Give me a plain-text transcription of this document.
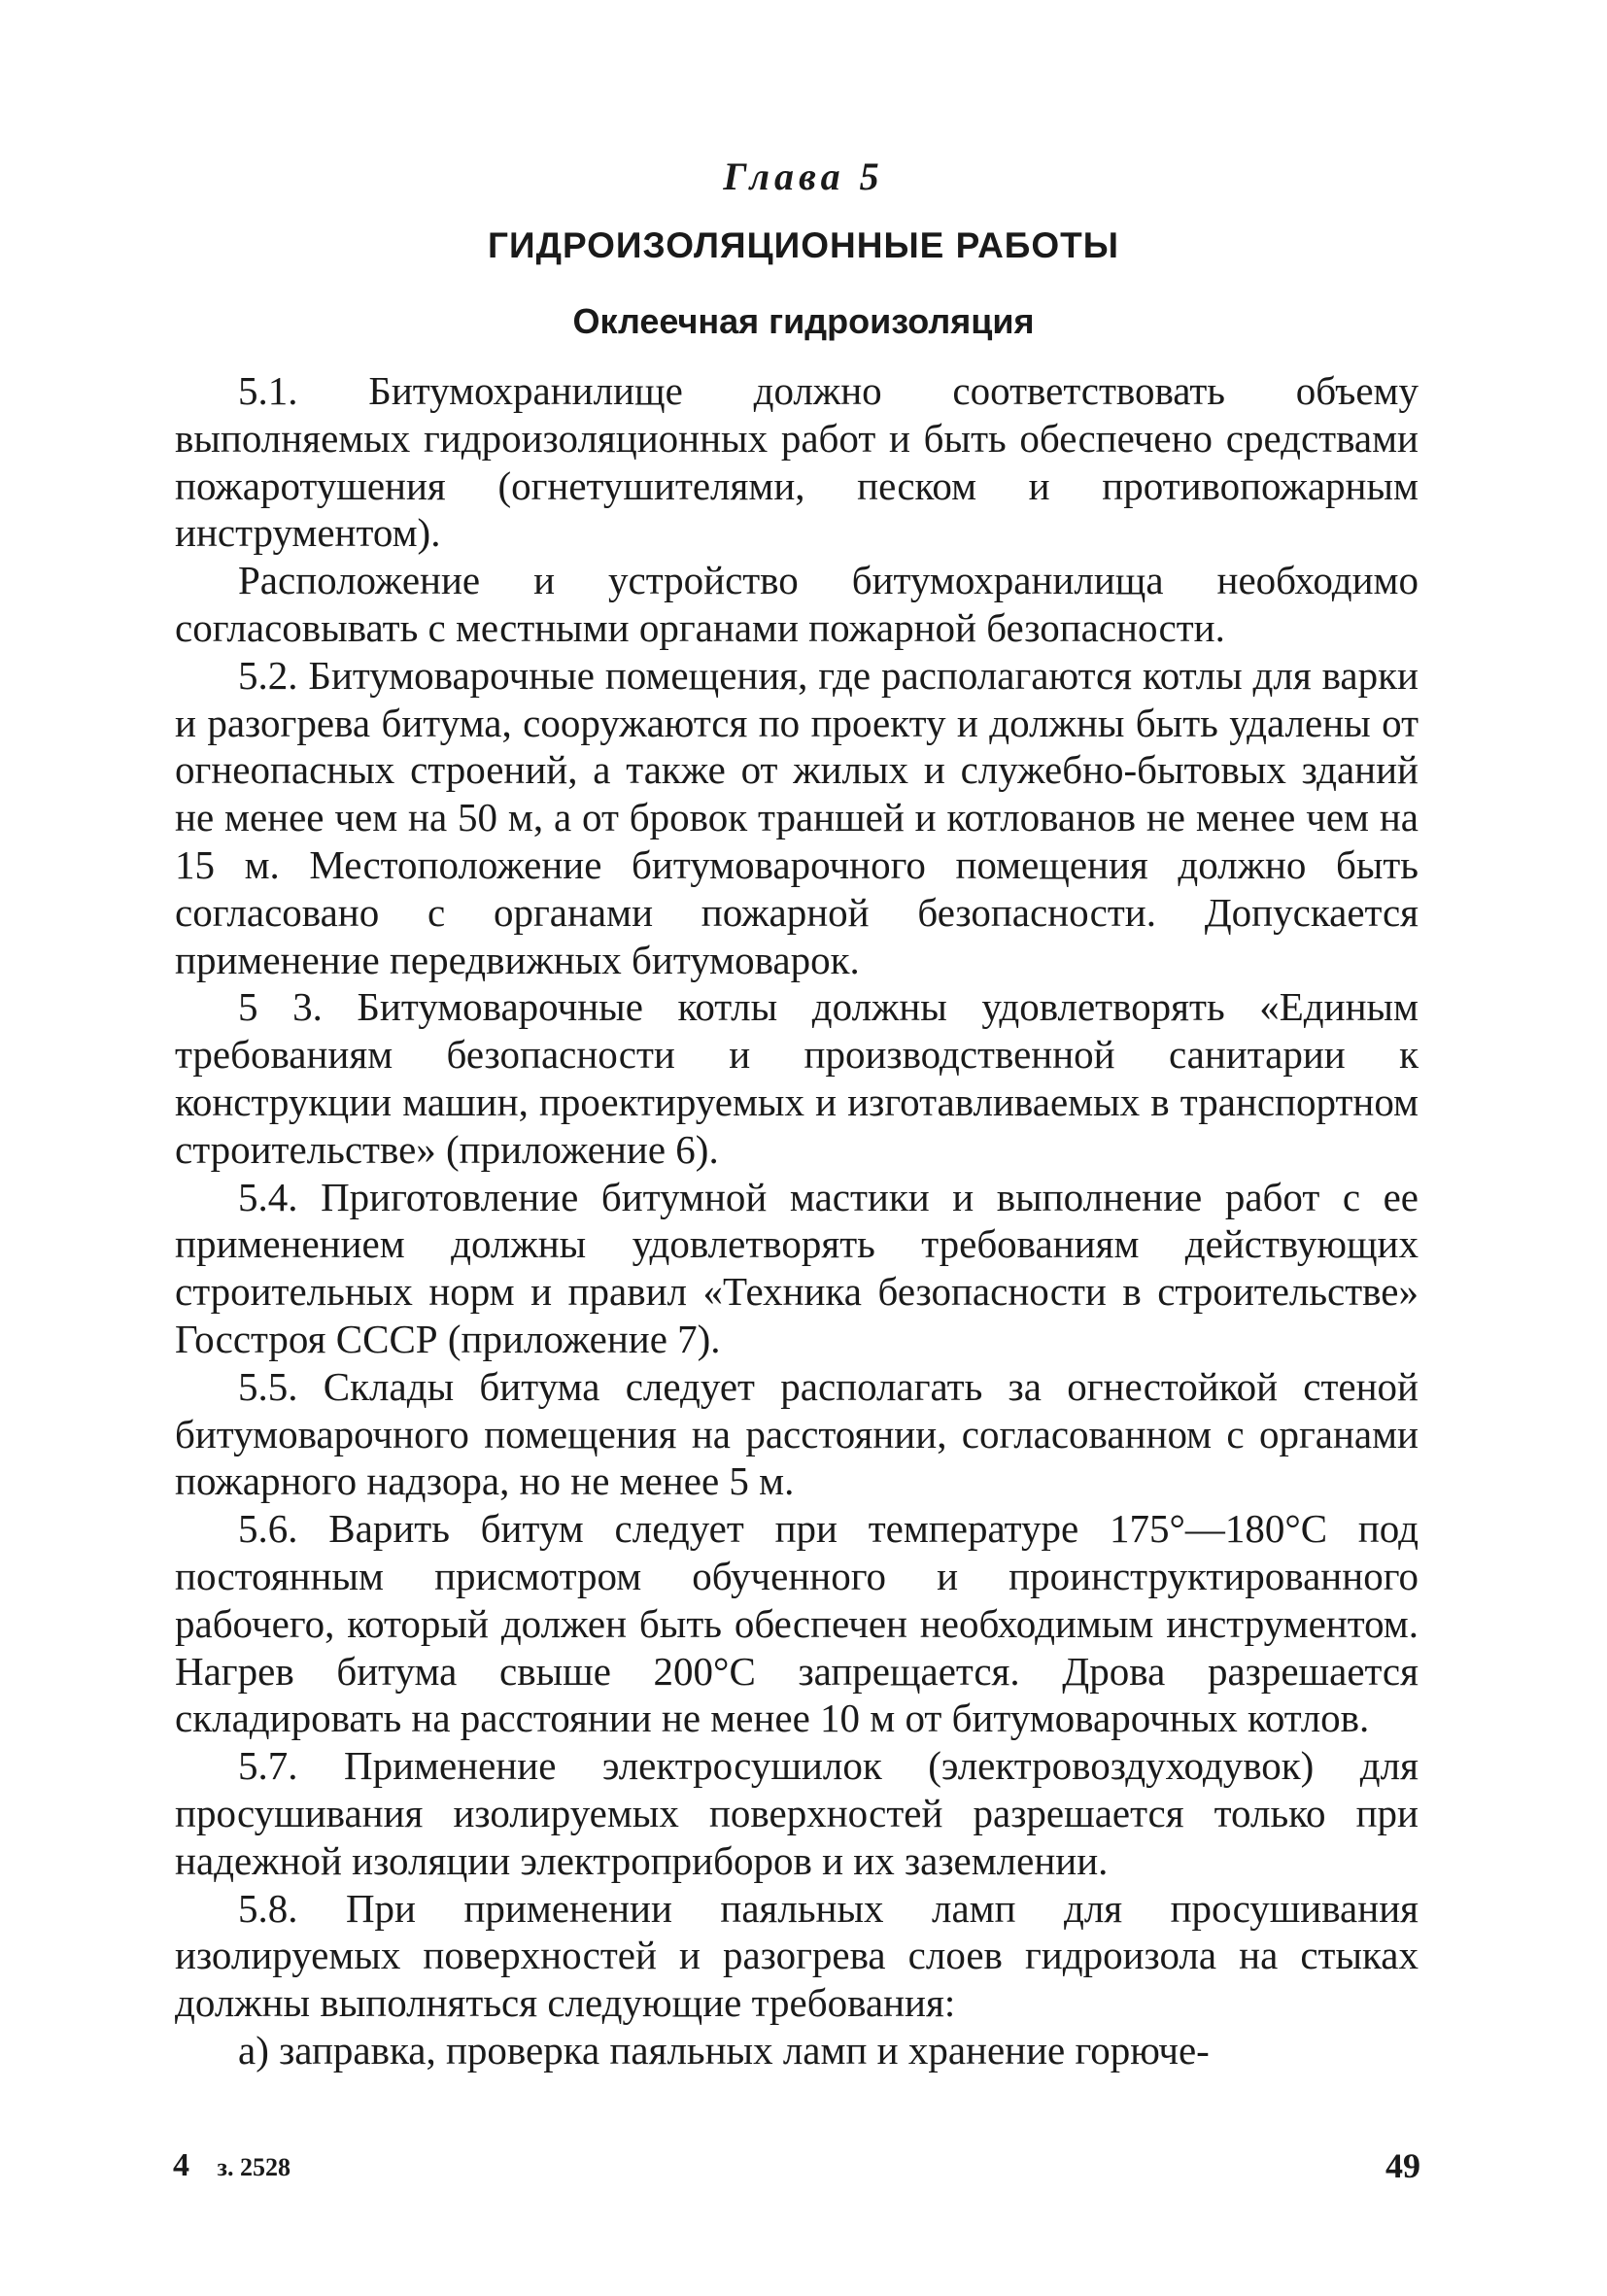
Глава 5
ГИДРОИЗОЛЯЦИОННЫЕ РАБОТЫ
Оклеечная гидроизоляция

5.1. Битумохранилище должно соответствовать объему выполняемых гидроизоляционных работ и быть обеспечено средствами пожаротушения (огнетушителями, песком и противопожарным инструментом).

Расположение и устройство битумохранилища необходимо согласовывать с местными органами пожарной безопасности.

5.2. Битумоварочные помещения, где располагаются котлы для варки и разогрева битума, сооружаются по проекту и должны быть удалены от огнеопасных строений, а также от жилых и служебно-бытовых зданий не менее чем на 50 м, а от бровок траншей и котлованов не менее чем на 15 м. Местоположение битумоварочного помещения должно быть согласовано с органами пожарной безопасности. Допускается применение передвижных битумоварок.

5 3. Битумоварочные котлы должны удовлетворять «Единым требованиям безопасности и производственной санитарии к конструкции машин, проектируемых и изготавливаемых в транспортном строительстве» (приложение 6).

5.4. Приготовление битумной мастики и выполнение работ с ее применением должны удовлетворять требованиям действующих строительных норм и правил «Техника безопасности в строительстве» Госстроя СССР (приложение 7).

5.5. Склады битума следует располагать за огнестойкой стеной битумоварочного помещения на расстоянии, согласованном с органами пожарного надзора, но не менее 5 м.

5.6. Варить битум следует при температуре 175°—180°С под постоянным присмотром обученного и проинструктированного рабочего, который должен быть обеспечен необходимым инструментом. Нагрев битума свыше 200°С запрещается. Дрова разрешается складировать на расстоянии не менее 10 м от битумоварочных котлов.

5.7. Применение электросушилок (электровоздуходувок) для просушивания изолируемых поверхностей разрешается только при надежной изоляции электроприборов и их заземлении.

5.8. При применении паяльных ламп для просушивания изолируемых поверхностей и разогрева слоев гидроизола на стыках должны выполняться следующие требования:

а) заправка, проверка паяльных ламп и хранение горюче-

4 з. 2528	49
